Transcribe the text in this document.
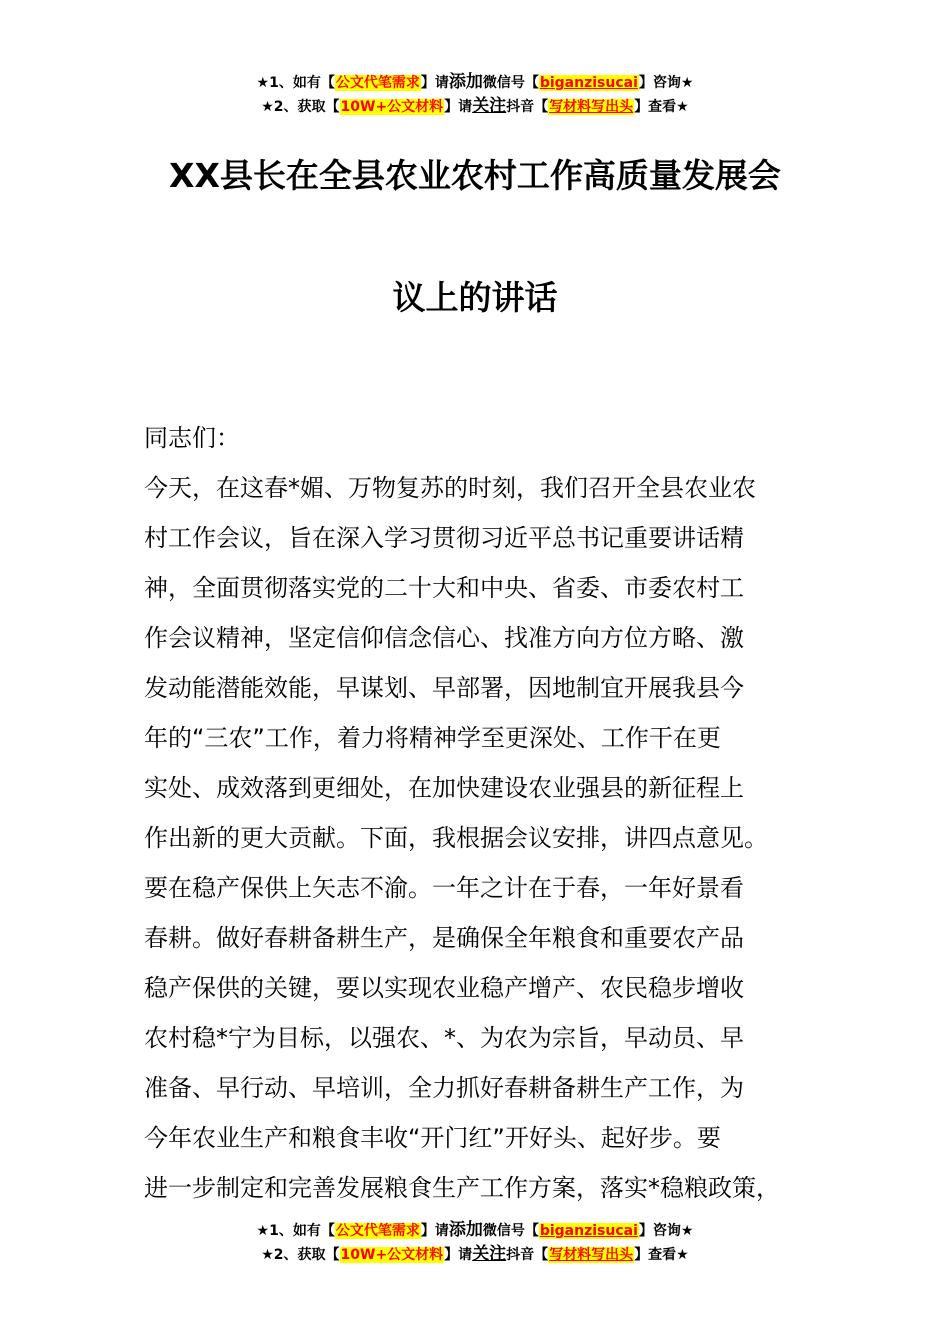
★1、如有【公文代笔需求】请添加微信号【biganzisucai】咨询★
★2、获取【10W+公文材料】请关注抖音【写材料写出头】查看★
XX县长在全县农业农村工作高质量发展会
议上的讲话
同志们：
今天，在这春*媚、万物复苏的时刻，我们召开全县农业农
村工作会议，旨在深入学习贯彻习近平总书记重要讲话精
神，全面贯彻落实党的二十大和中央、省委、市委农村工
作会议精神，坚定信仰信念信心、找准方向方位方略、激
发动能潜能效能，早谋划、早部署，因地制宜开展我县今
年的“三农”工作，着力将精神学至更深处、工作干在更
实处、成效落到更细处，在加快建设农业强县的新征程上
作出新的更大贡献。下面，我根据会议安排，讲四点意见。
要在稳产保供上矢志不渝。一年之计在于春，一年好景看
春耕。做好春耕备耕生产，是确保全年粮食和重要农产品
稳产保供的关键，要以实现农业稳产增产、农民稳步增收
农村稳*宁为目标，以强农、*、为农为宗旨，早动员、早
准备、早行动、早培训，全力抓好春耕备耕生产工作，为
今年农业生产和粮食丰收“开门红”开好头、起好步。要
进一步制定和完善发展粮食生产工作方案，落实*稳粮政策，
★1、如有【公文代笔需求】请添加微信号【biganzisucai】咨询★
★2、获取【10W+公文材料】请关注抖音【写材料写出头】查看★
